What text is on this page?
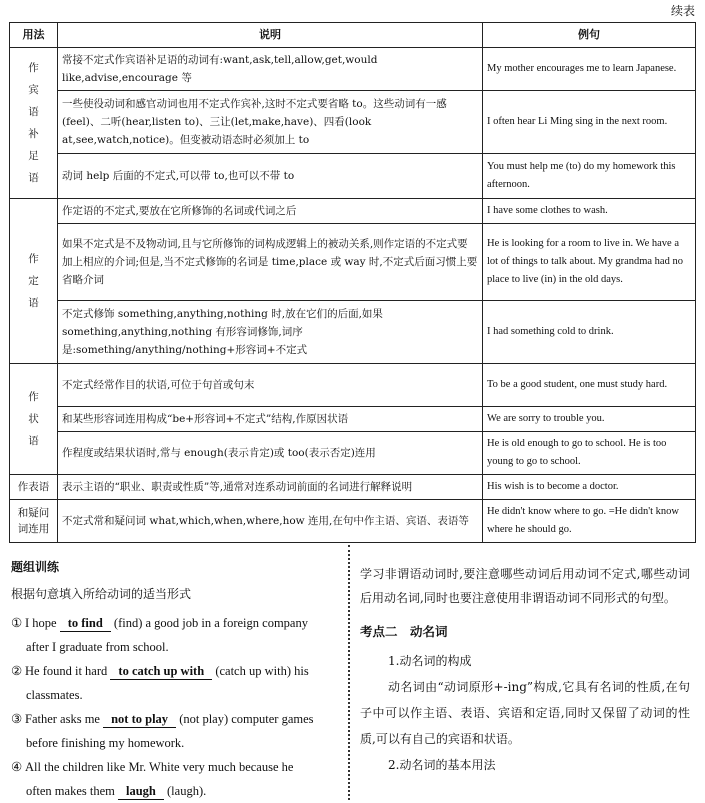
续表
用法	说明	例句

作宾语补足语	常接不定式作宾语补足语的动词有:want,ask,tell,allow,get,would like,advise,encourage 等	My mother encourages me to learn Japanese.
	一些使役动词和感官动词也用不定式作宾补,这时不定式要省略 to。这些动词有一感(feel)、二听(hear,listen to)、三让(let,make,have)、四看(look at,see,watch,notice)。但变被动语态时必须加上 to	I often hear Li Ming sing in the next room.
	动词 help 后面的不定式,可以带 to,也可以不带 to	You must help me (to) do my homework this afternoon.

作定语	作定语的不定式,要放在它所修饰的名词或代词之后	I have some clothes to wash.
	如果不定式是不及物动词,且与它所修饰的词构成逻辑上的被动关系,则作定语的不定式要加上相应的介词;但是,当不定式修饰的名词是 time,place 或 way 时,不定式后面习惯上要省略介词	He is looking for a room to live in. We have a lot of things to talk about. My grandma had no place to live (in) in the old days.
	不定式修饰 something,anything,nothing 时,放在它们的后面,如果 something,anything,nothing 有形容词修饰,词序是:something/anything/nothing+形容词+不定式	I had something cold to drink.

作状语	不定式经常作目的状语,可位于句首或句末	To be a good student, one must study hard.
	和某些形容词连用构成“be+形容词+不定式”结构,作原因状语	We are sorry to trouble you.
	作程度或结果状语时,常与 enough(表示肯定)或 too(表示否定)连用	He is old enough to go to school. He is too young to go to school.
作表语	表示主语的“职业、职责或性质”等,通常对连系动词前面的名词进行解释说明	His wish is to become a doctor.
和疑问词连用	不定式常和疑问词 what,which,when,where,how 连用,在句中作主语、宾语、表语等	He didn't know where to go. =He didn't know where he should go.
题组训练
根据句意填入所给动词的适当形式
① I hope to find (find) a good job in a foreign company
after I graduate from school.
② He found it hard to catch up with (catch up with) his
classmates.
③ Father asks me not to play (not play) computer games
before finishing my homework.
④ All the children like Mr. White very much because he
often makes them laugh (laugh).
学习非谓语动词时,要注意哪些动词后用动词不定式,哪些动词后用动名词,同时也要注意使用非谓语动词不同形式的句型。
考点二　动名词
1.动名词的构成
动名词由“动词原形+-ing”构成,它具有名词的性质,在句子中可以作主语、表语、宾语和定语,同时又保留了动词的性质,可以有自己的宾语和状语。
2.动名词的基本用法
